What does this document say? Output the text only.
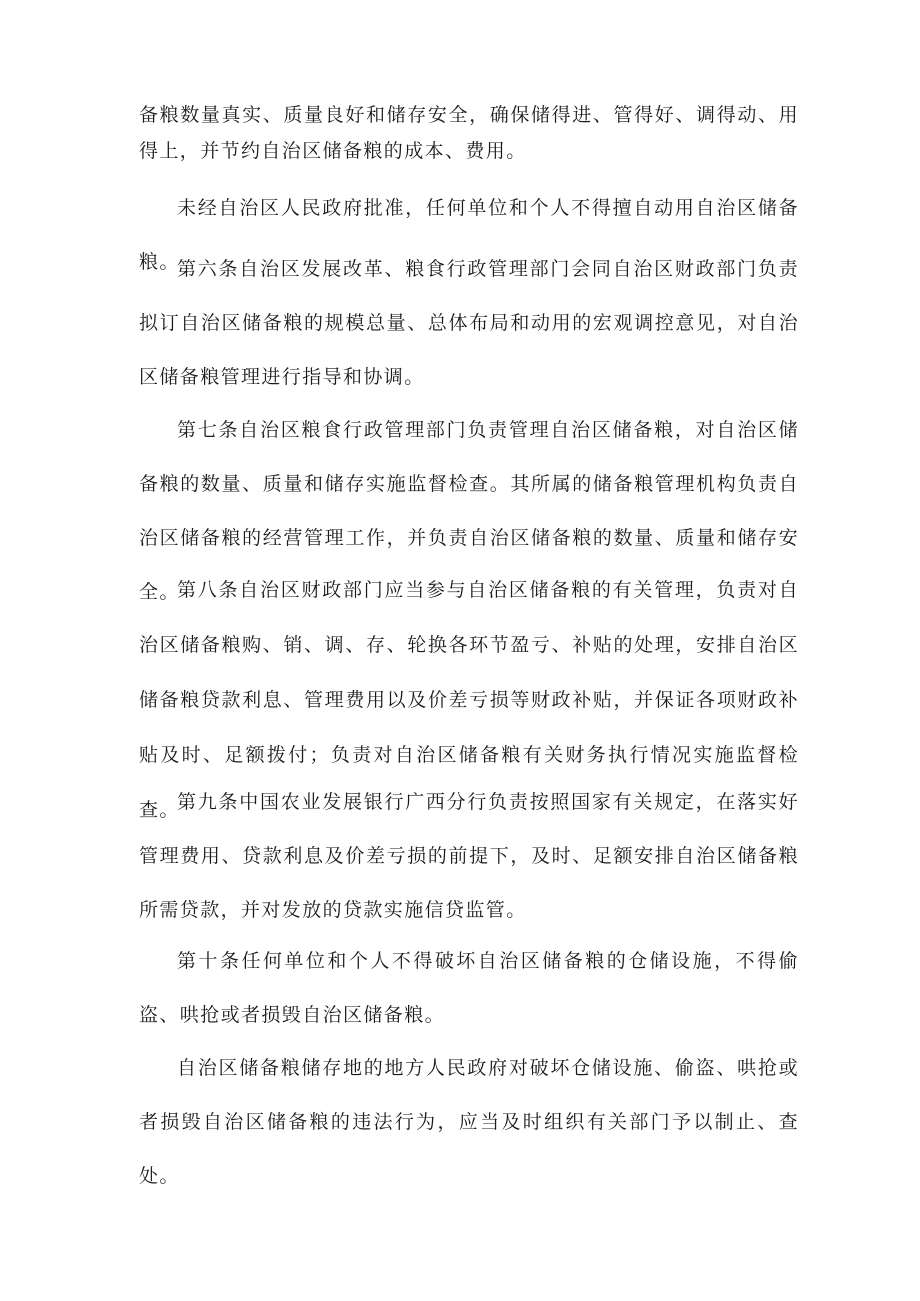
备粮数量真实、质量良好和储存安全，确保储得进、管得好、调得动、用得上，并节约自治区储备粮的成本、费用。

未经自治区人民政府批准，任何单位和个人不得擅自动用自治区储备粮。

第六条自治区发展改革、粮食行政管理部门会同自治区财政部门负责拟订自治区储备粮的规模总量、总体布局和动用的宏观调控意见，对自治区储备粮管理进行指导和协调。

第七条自治区粮食行政管理部门负责管理自治区储备粮，对自治区储备粮的数量、质量和储存实施监督检查。其所属的储备粮管理机构负责自治区储备粮的经营管理工作，并负责自治区储备粮的数量、质量和储存安全。

第八条自治区财政部门应当参与自治区储备粮的有关管理，负责对自治区储备粮购、销、调、存、轮换各环节盈亏、补贴的处理，安排自治区储备粮贷款利息、管理费用以及价差亏损等财政补贴，并保证各项财政补贴及时、足额拨付；负责对自治区储备粮有关财务执行情况实施监督检查。

第九条中国农业发展银行广西分行负责按照国家有关规定，在落实好管理费用、贷款利息及价差亏损的前提下，及时、足额安排自治区储备粮所需贷款，并对发放的贷款实施信贷监管。

第十条任何单位和个人不得破坏自治区储备粮的仓储设施，不得偷盗、哄抢或者损毁自治区储备粮。

自治区储备粮储存地的地方人民政府对破坏仓储设施、偷盗、哄抢或者损毁自治区储备粮的违法行为，应当及时组织有关部门予以制止、查处。
